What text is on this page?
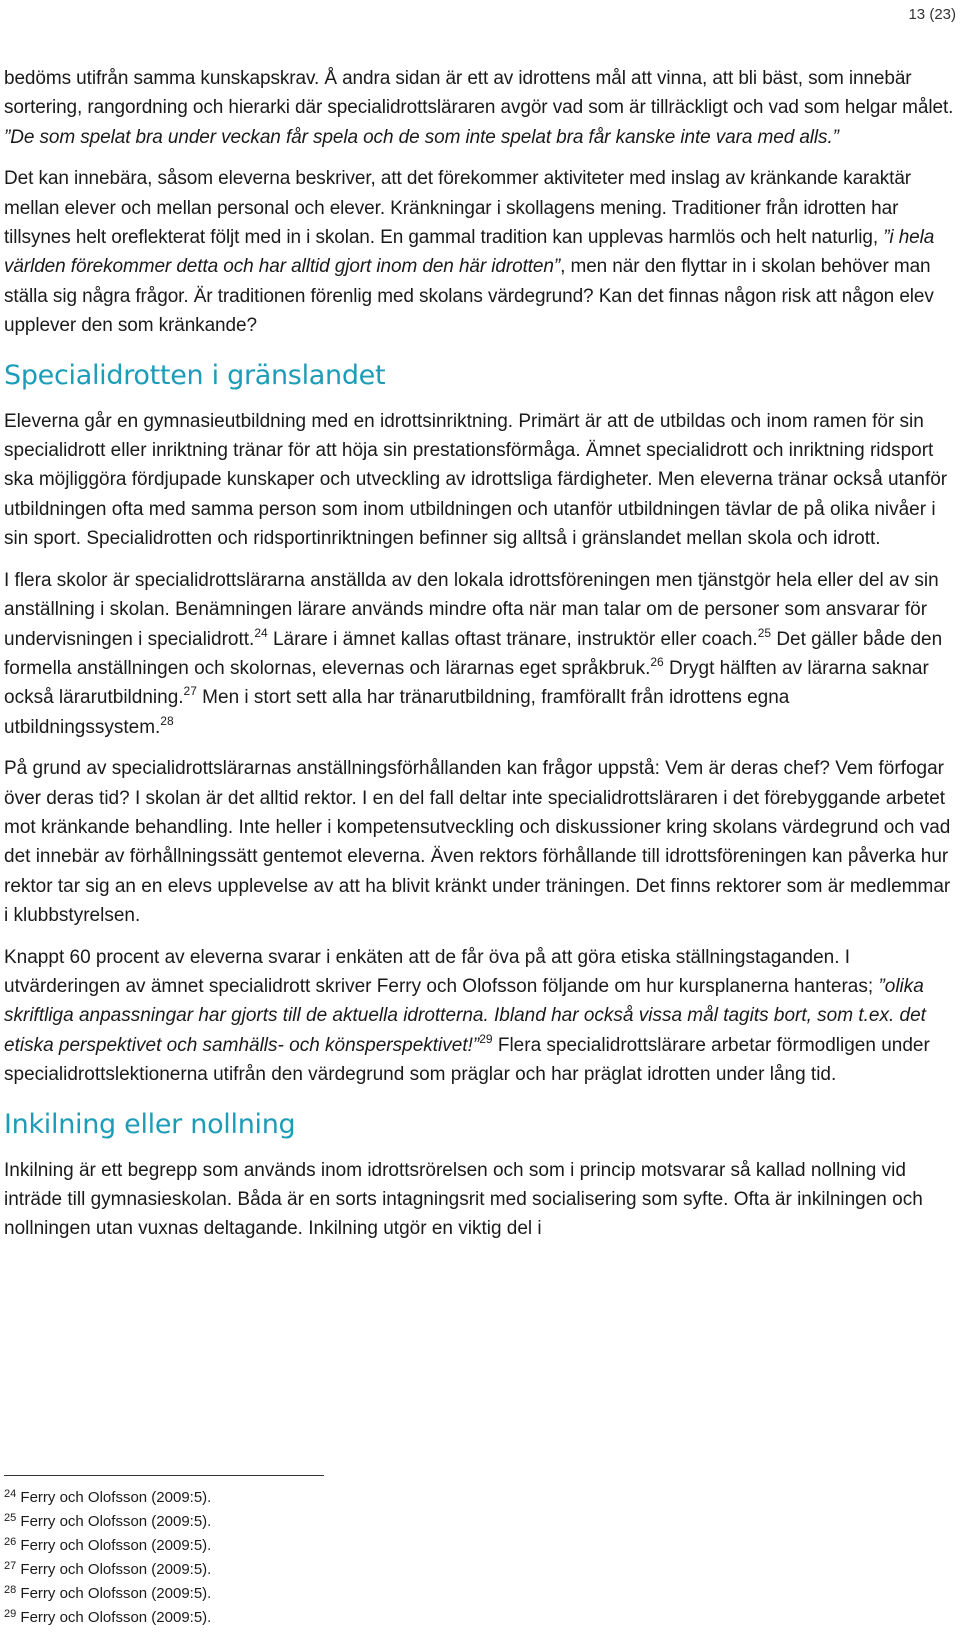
13 (23)

bedöms utifrån samma kunskapskrav. Å andra sidan är ett av idrottens mål att vinna, att bli bäst, som innebär sortering, rangordning och hierarki där specialidrottsläraren avgör vad som är tillräckligt och vad som helgar målet. ”De som spelat bra under veckan får spela och de som inte spelat bra får kanske inte vara med alls.”

Det kan innebära, såsom eleverna beskriver, att det förekommer aktiviteter med inslag av kränkande karaktär mellan elever och mellan personal och elever. Kränkningar i skollagens mening. Traditioner från idrotten har tillsynes helt oreflekterat följt med in i skolan. En gammal tradition kan upplevas harmlös och helt naturlig, ”i hela världen förekommer detta och har alltid gjort inom den här idrotten”, men när den flyttar in i skolan behöver man ställa sig några frågor. Är traditionen förenlig med skolans värdegrund? Kan det finnas någon risk att någon elev upplever den som kränkande?

Specialidrotten i gränslandet

Eleverna går en gymnasieutbildning med en idrottsinriktning. Primärt är att de utbildas och inom ramen för sin specialidrott eller inriktning tränar för att höja sin prestationsförmåga. Ämnet specialidrott och inriktning ridsport ska möjliggöra fördjupade kunskaper och utveckling av idrottsliga färdigheter. Men eleverna tränar också utanför utbildningen ofta med samma person som inom utbildningen och utanför utbildningen tävlar de på olika nivåer i sin sport. Specialidrotten och ridsportinriktningen befinner sig alltså i gränslandet mellan skola och idrott.

I flera skolor är specialidrottslärarna anställda av den lokala idrottsföreningen men tjänstgör hela eller del av sin anställning i skolan. Benämningen lärare används mindre ofta när man talar om de personer som ansvarar för undervisningen i specialidrott.$^{24}$ Lärare i ämnet kallas oftast tränare, instruktör eller coach.$^{25}$ Det gäller både den formella anställningen och skolornas, elevernas och lärarnas eget språkbruk.$^{26}$ Drygt hälften av lärarna saknar också lärarutbildning.$^{27}$ Men i stort sett alla har tränarutbildning, framförallt från idrottens egna utbildningssystem.$^{28}$

På grund av specialidrottslärarnas anställningsförhållanden kan frågor uppstå: Vem är deras chef? Vem förfogar över deras tid? I skolan är det alltid rektor. I en del fall deltar inte specialidrottsläraren i det förebyggande arbetet mot kränkande behandling. Inte heller i kompetensutveckling och diskussioner kring skolans värdegrund och vad det innebär av förhållningssätt gentemot eleverna. Även rektors förhållande till idrottsföreningen kan påverka hur rektor tar sig an en elevs upplevelse av att ha blivit kränkt under träningen. Det finns rektorer som är medlemmar i klubbstyrelsen.

Knappt 60 procent av eleverna svarar i enkäten att de får öva på att göra etiska ställningstaganden. I utvärderingen av ämnet specialidrott skriver Ferry och Olofsson följande om hur kursplanerna hanteras; ”olika skriftliga anpassningar har gjorts till de aktuella idrotterna. Ibland har också vissa mål tagits bort, som t.ex. det etiska perspektivet och samhälls- och könsperspektivet!”$^{29}$ Flera specialidrottslärare arbetar förmodligen under specialidrottslektionerna utifrån den värdegrund som präglar och har präglat idrotten under lång tid.

Inkilning eller nollning

Inkilning är ett begrepp som används inom idrottsrörelsen och som i princip motsvarar så kallad nollning vid inträde till gymnasieskolan. Båda är en sorts intagningsrit med socialisering som syfte. Ofta är inkilningen och nollningen utan vuxnas deltagande. Inkilning utgör en viktig del i

$^{24}$ Ferry och Olofsson (2009:5).
$^{25}$ Ferry och Olofsson (2009:5).
$^{26}$ Ferry och Olofsson (2009:5).
$^{27}$ Ferry och Olofsson (2009:5).
$^{28}$ Ferry och Olofsson (2009:5).
$^{29}$ Ferry och Olofsson (2009:5).
